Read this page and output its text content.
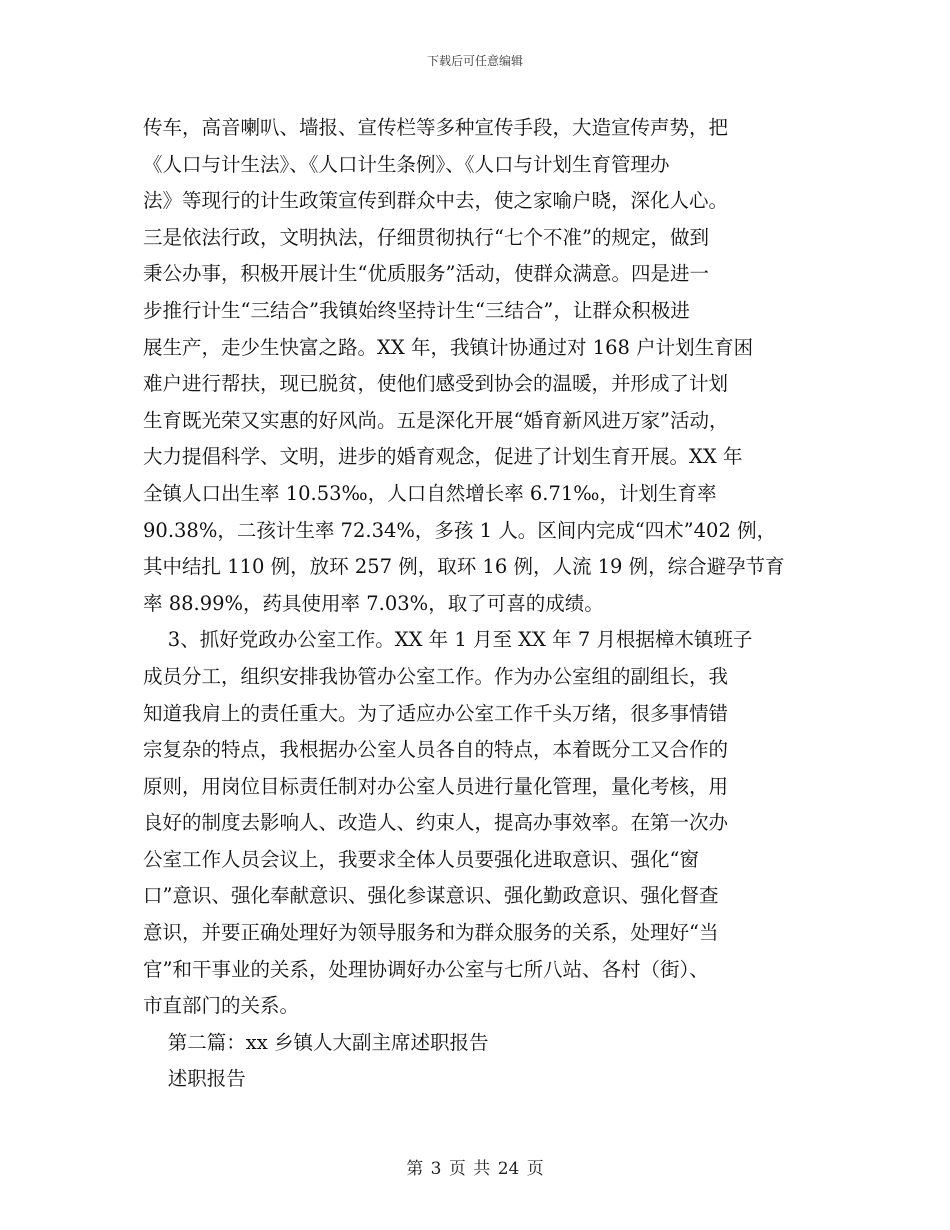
下载后可任意编辑
传车，高音喇叭、墙报、宣传栏等多种宣传手段，大造宣传声势，把
《人口与计生法》、《人口计生条例》、《人口与计划生育管理办
法》等现行的计生政策宣传到群众中去，使之家喻户晓，深化人心。
三是依法行政，文明执法，仔细贯彻执行“七个不准”的规定，做到
秉公办事，积极开展计生“优质服务”活动，使群众满意。四是进一
步推行计生“三结合”我镇始终坚持计生“三结合”，让群众积极进
展生产，走少生快富之路。XX 年，我镇计协通过对 168 户计划生育困
难户进行帮扶，现已脱贫，使他们感受到协会的温暖，并形成了计划
生育既光荣又实惠的好风尚。五是深化开展“婚育新风进万家”活动，
大力提倡科学、文明，进步的婚育观念，促进了计划生育开展。XX 年
全镇人口出生率 10.53‰，人口自然增长率 6.71‰，计划生育率
90.38%，二孩计生率 72.34%，多孩 1 人。区间内完成“四术”402 例，
其中结扎 110 例，放环 257 例，取环 16 例，人流 19 例，综合避孕节育
率 88.99%，药具使用率 7.03%，取了可喜的成绩。
3、抓好党政办公室工作。XX 年 1 月至 XX 年 7 月根据樟木镇班子
成员分工，组织安排我协管办公室工作。作为办公室组的副组长，我
知道我肩上的责任重大。为了适应办公室工作千头万绪，很多事情错
宗复杂的特点，我根据办公室人员各自的特点，本着既分工又合作的
原则，用岗位目标责任制对办公室人员进行量化管理，量化考核，用
良好的制度去影响人、改造人、约束人，提高办事效率。在第一次办
公室工作人员会议上，我要求全体人员要强化进取意识、强化“窗
口”意识、强化奉献意识、强化参谋意识、强化勤政意识、强化督查
意识，并要正确处理好为领导服务和为群众服务的关系，处理好“当
官”和干事业的关系，处理协调好办公室与七所八站、各村（街）、
市直部门的关系。
第二篇：xx 乡镇人大副主席述职报告
述职报告
第 3 页 共 24 页
